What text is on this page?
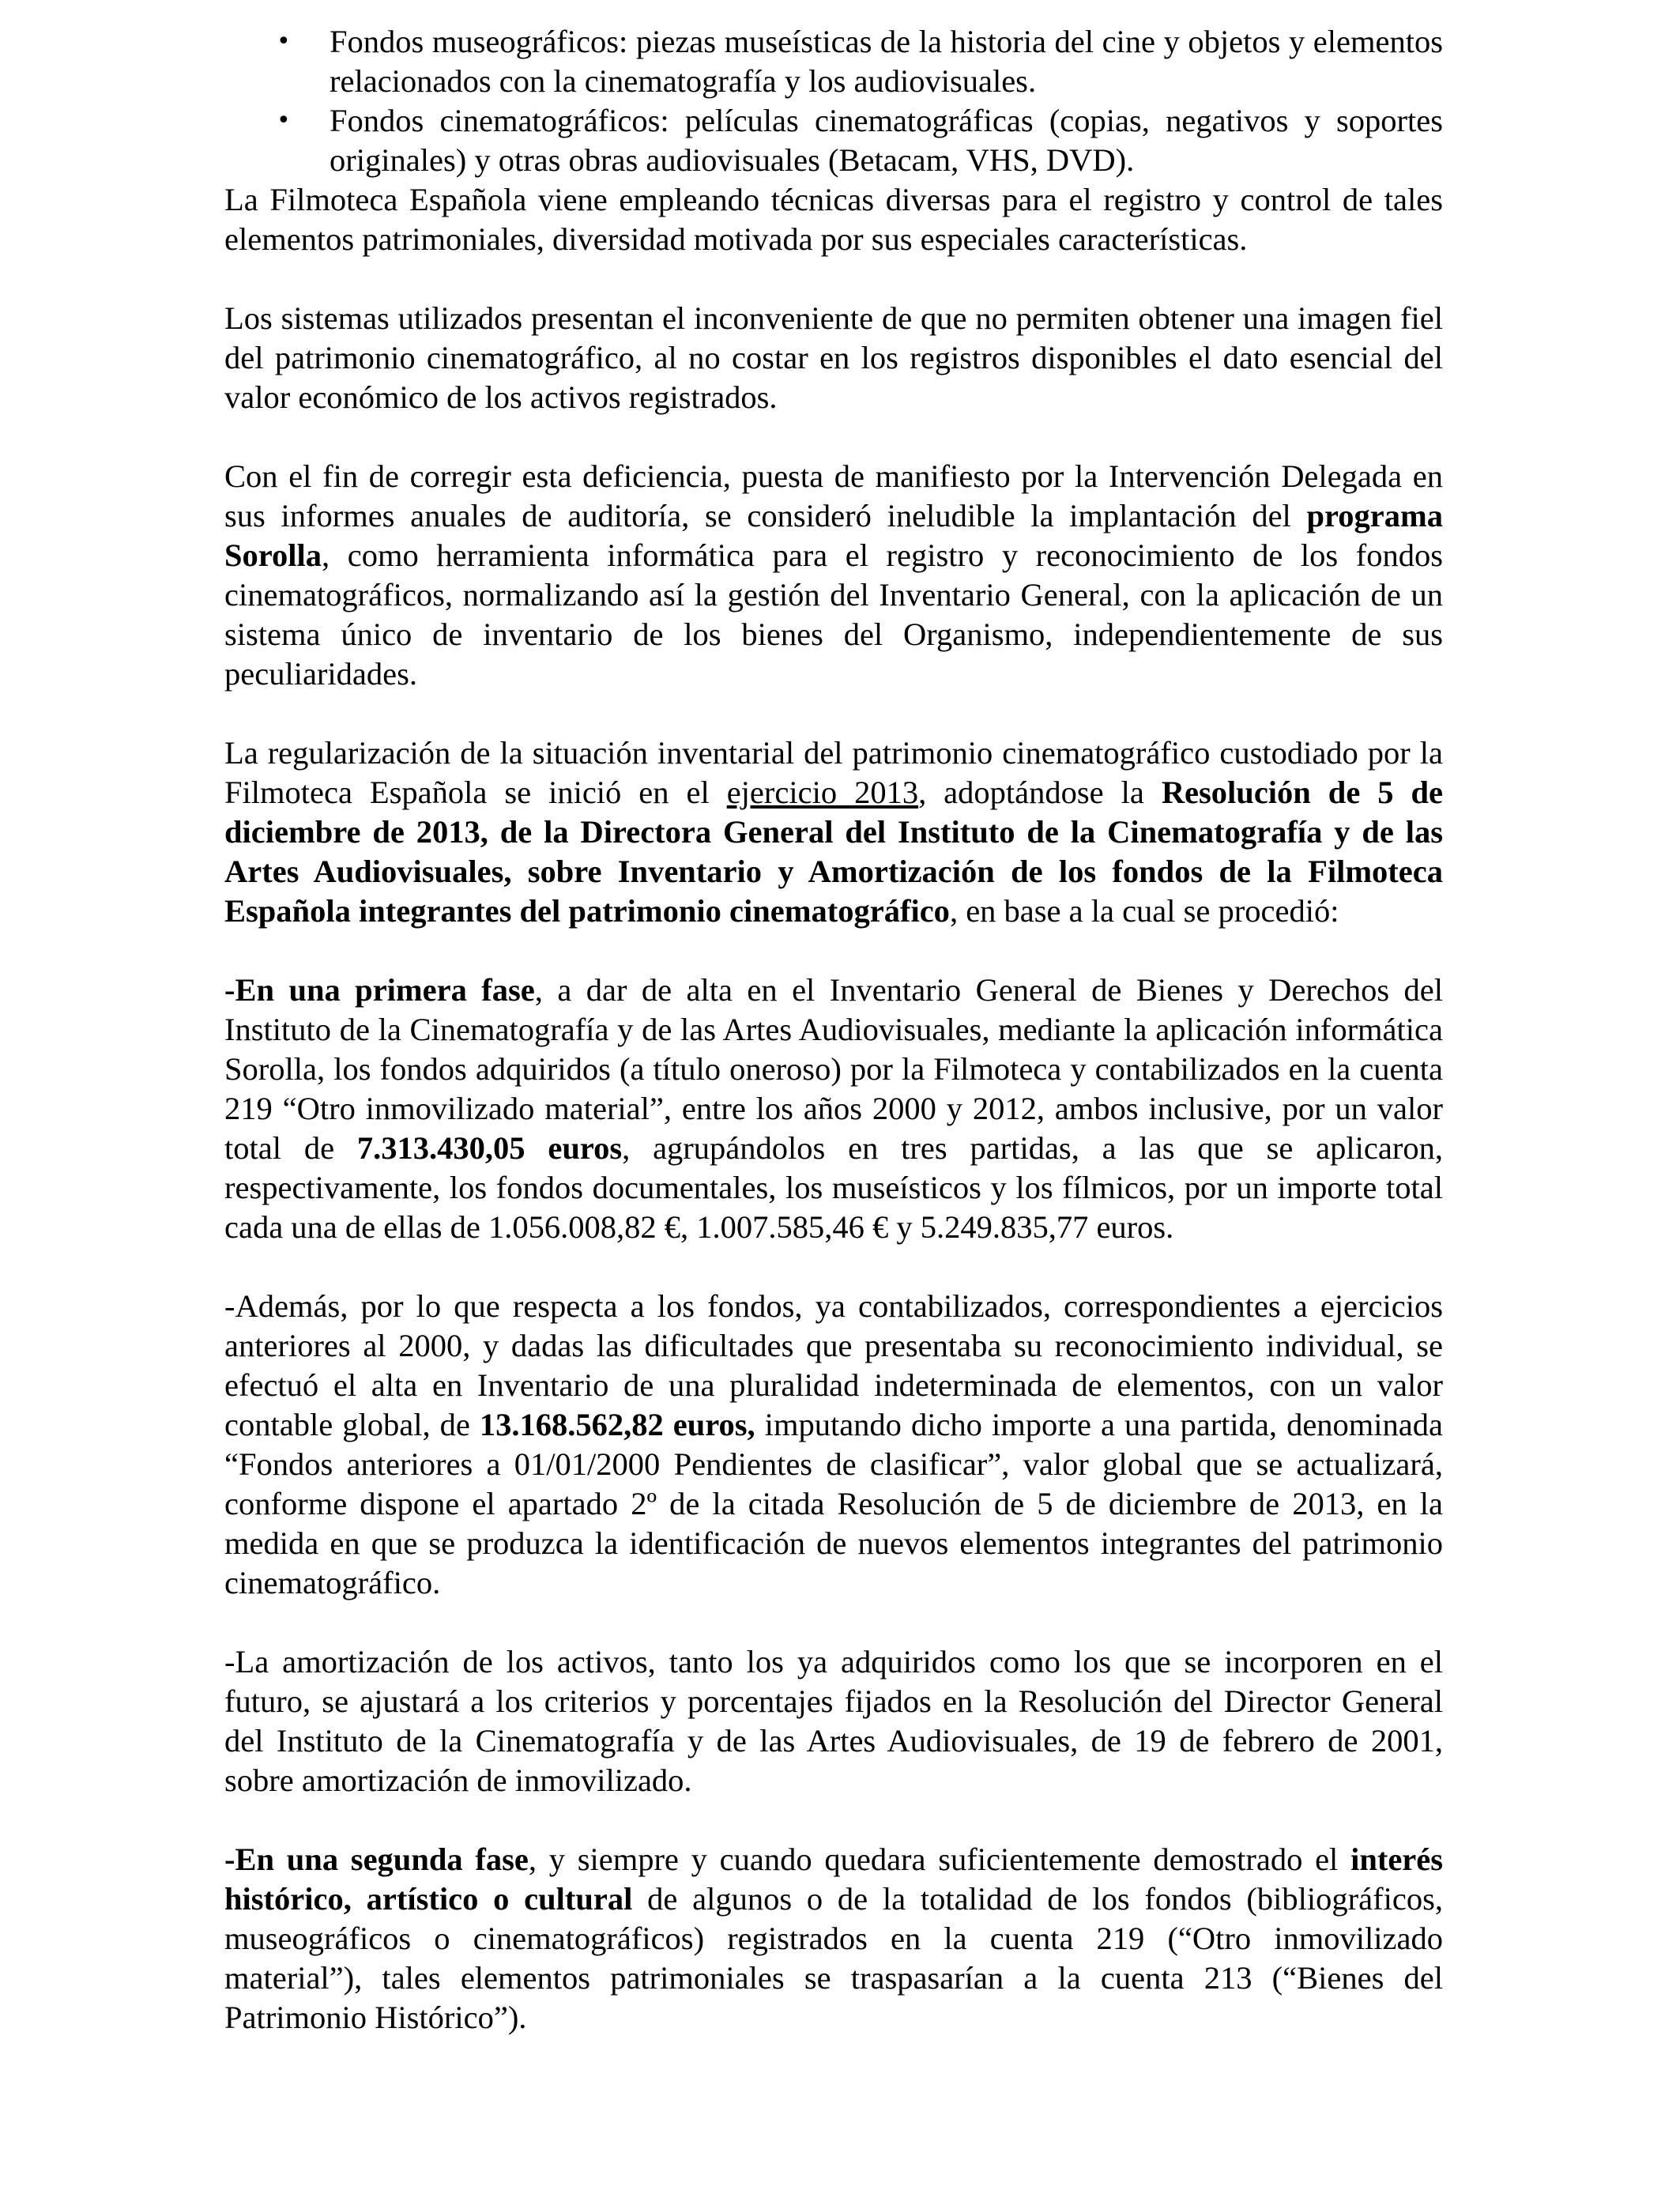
• Fondos museográficos: piezas museísticas de la historia del cine y objetos y elementos relacionados con la cinematografía y los audiovisuales.
• Fondos cinematográficos: películas cinematográficas (copias, negativos y soportes originales) y otras obras audiovisuales (Betacam, VHS, DVD).

La Filmoteca Española viene empleando técnicas diversas para el registro y control de tales elementos patrimoniales, diversidad motivada por sus especiales características.

Los sistemas utilizados presentan el inconveniente de que no permiten obtener una imagen fiel del patrimonio cinematográfico, al no costar en los registros disponibles el dato esencial del valor económico de los activos registrados.

Con el fin de corregir esta deficiencia, puesta de manifiesto por la Intervención Delegada en sus informes anuales de auditoría, se consideró ineludible la implantación del programa Sorolla, como herramienta informática para el registro y reconocimiento de los fondos cinematográficos, normalizando así la gestión del Inventario General, con la aplicación de un sistema único de inventario de los bienes del Organismo, independientemente de sus peculiaridades.

La regularización de la situación inventarial del patrimonio cinematográfico custodiado por la Filmoteca Española se inició en el ejercicio 2013, adoptándose la Resolución de 5 de diciembre de 2013, de la Directora General del Instituto de la Cinematografía y de las Artes Audiovisuales, sobre Inventario y Amortización de los fondos de la Filmoteca Española integrantes del patrimonio cinematográfico, en base a la cual se procedió:

-En una primera fase, a dar de alta en el Inventario General de Bienes y Derechos del Instituto de la Cinematografía y de las Artes Audiovisuales, mediante la aplicación informática Sorolla, los fondos adquiridos (a título oneroso) por la Filmoteca y contabilizados en la cuenta 219 “Otro inmovilizado material”, entre los años 2000 y 2012, ambos inclusive, por un valor total de 7.313.430,05 euros, agrupándolos en tres partidas, a las que se aplicaron, respectivamente, los fondos documentales, los museísticos y los fílmicos, por un importe total cada una de ellas de 1.056.008,82 €, 1.007.585,46 € y 5.249.835,77 euros.

-Además, por lo que respecta a los fondos, ya contabilizados, correspondientes a ejercicios anteriores al 2000, y dadas las dificultades que presentaba su reconocimiento individual, se efectuó el alta en Inventario de una pluralidad indeterminada de elementos, con un valor contable global, de 13.168.562,82 euros, imputando dicho importe a una partida, denominada “Fondos anteriores a 01/01/2000 Pendientes de clasificar”, valor global que se actualizará, conforme dispone el apartado 2º de la citada Resolución de 5 de diciembre de 2013, en la medida en que se produzca la identificación de nuevos elementos integrantes del patrimonio cinematográfico.

-La amortización de los activos, tanto los ya adquiridos como los que se incorporen en el futuro, se ajustará a los criterios y porcentajes fijados en la Resolución del Director General del Instituto de la Cinematografía y de las Artes Audiovisuales, de 19 de febrero de 2001, sobre amortización de inmovilizado.

-En una segunda fase, y siempre y cuando quedara suficientemente demostrado el interés histórico, artístico o cultural de algunos o de la totalidad de los fondos (bibliográficos, museográficos o cinematográficos) registrados en la cuenta 219 (“Otro inmovilizado material”), tales elementos patrimoniales se traspasarían a la cuenta 213 (“Bienes del Patrimonio Histórico”).
